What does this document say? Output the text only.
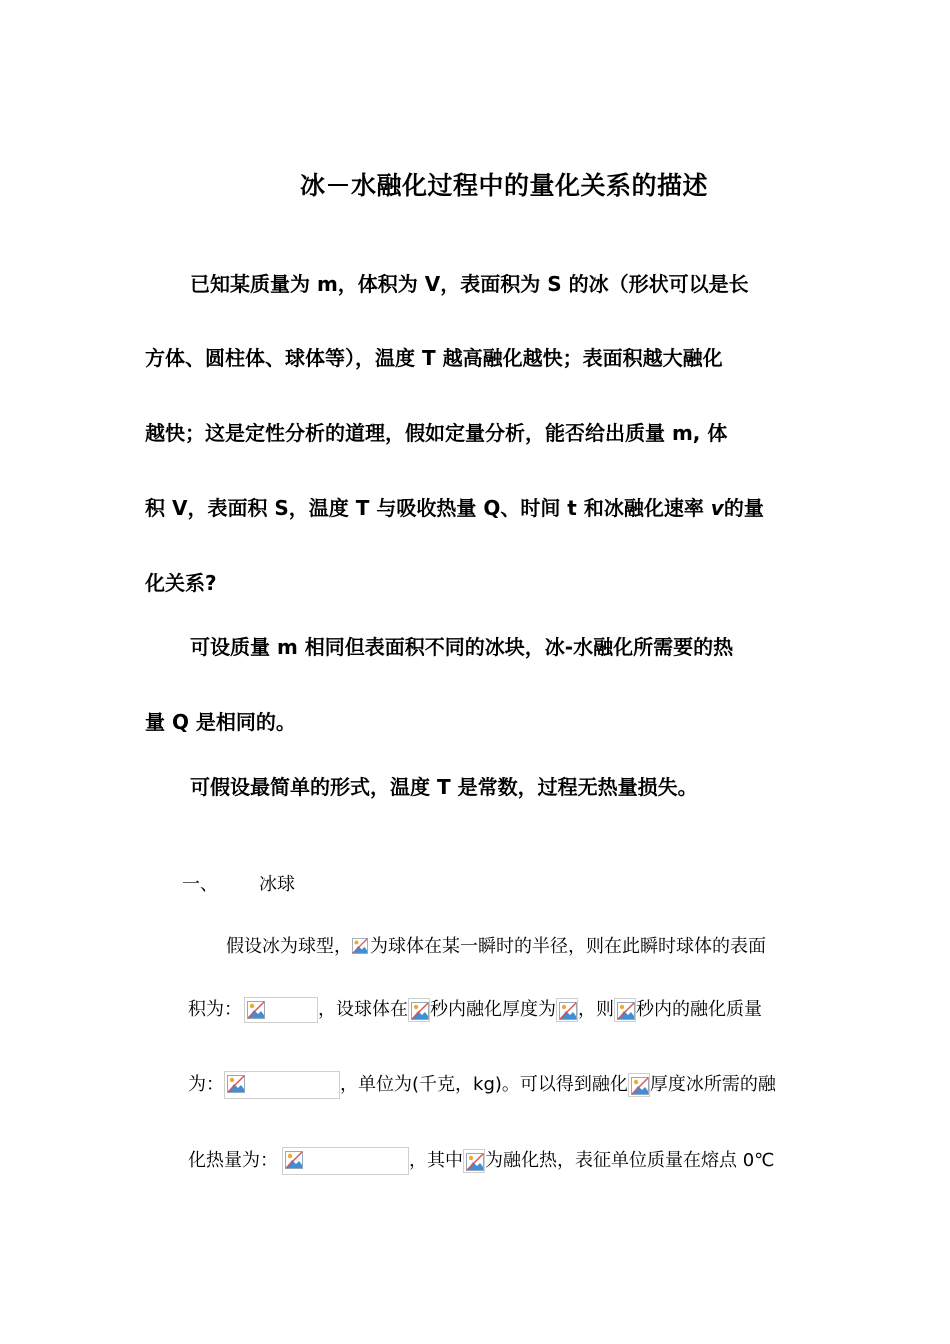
冰－水融化过程中的量化关系的描述
已知某质量为 m，体积为 V，表面积为 S 的冰（形状可以是长
方体、圆柱体、球体等），温度 T 越高融化越快；表面积越大融化
越快；这是定性分析的道理，假如定量分析，能否给出质量 m, 体
积 V，表面积 S，温度 T 与吸收热量 Q、时间 t 和冰融化速率 v的量
化关系?
可设质量 m 相同但表面积不同的冰块，冰-水融化所需要的热
量 Q 是相同的。
可假设最简单的形式，温度 T 是常数，过程无热量损失。
一、 冰球
假设冰为球型， 为球体在某一瞬时的半径，则在此瞬时球体的表面
积为：	，设球体在 秒内融化厚度为 ，则 秒内的融化质量
为：	，单位为(千克，kg)。可以得到融化 厚度冰所需的融
化热量为：	，其中 为融化热，表征单位质量在熔点 0℃
